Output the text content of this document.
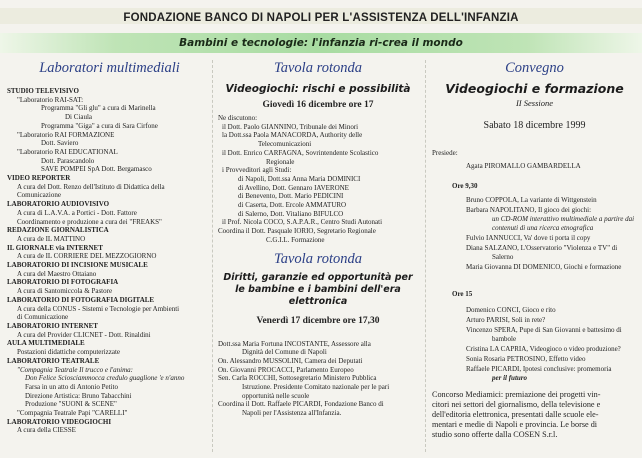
FONDAZIONE BANCO DI NAPOLI PER L'ASSISTENZA DELL'INFANZIA
Bambini e tecnologie: l'infanzia ri-crea il mondo
Laboratori multimediali
STUDIO TELEVISIVO
"Laboratorio RAI-SAT:
Programma "Gli glu" a cura di Marinella
Di Ciaula
Programma "Giga" a cura di Sara Cirfone
"Laboratorio RAI FORMAZIONE
Dott. Saviero
"Laboratorio RAI EDUCATIONAL
Dott. Parascandolo
SAVE POMPEI SpA Dott. Bergamasco
VIDEO REPORTER
A cura del Dott. Renzo dell'Istituto di Didattica della
Comunicazione
LABORATORIO AUDIOVISIVO
A cura di L.A.V.A. a Portici - Dott. Fattore
Coordinamento e produzione a cura dei "FREAKS"
REDAZIONE GIORNALISTICA
A cura de IL MATTINO
IL GIORNALE via INTERNET
A cura de IL CORRIERE DEL MEZZOGIORNO
LABORATORIO DI INCISIONE MUSICALE
A cura del Maestro Ottaiano
LABORATORIO DI FOTOGRAFIA
A cura di Santomiccola & Pastore
LABORATORIO DI FOTOGRAFIA DIGITALE
A cura della CONUS - Sistemi e Tecnologie per Ambienti
di Comunicazione
LABORATORIO INTERNET
A cura del Provider CLICNET - Dott. Rinaldini
AULA MULTIMEDIALE
Postazioni didattiche computerizzate
LABORATORIO TEATRALE
"Compagnia Teatrale Il trucco e l'anima:
Don Felice Sciosciammocca credulo guaglione 'e n'anno
Farsa in un atto di Antonio Petito
Direzione Artistica: Bruno Tabacchini
Produzione "SUONI & SCENE"
"Compagnia Teatrale Papi "CARELLI"
LABORATORIO VIDEOGIOCHI
A cura della CIESSE
Tavola rotonda
Videogiochi: rischi e possibilità
Giovedì 16 dicembre ore 17
Ne discutono:
il Dott. Paolo GIANNINO, Tribunale dei Minori
la Dott.ssa Paola MANACORDA, Authority delle
Telecomunicazioni
il Dott. Enrico CARFAGNA, Sovrintendente Scolastico
Regionale
i Provveditori agli Studi:
di Napoli, Dott.ssa Anna Maria DOMINICI
di Avellino, Dott. Gennaro IAVERONE
di Benevento, Dott. Mario PEDICINI
di Caserta, Dott. Ercole AMMATURO
di Salerno, Dott. Vitaliano BIFULCO
il Prof. Nicola COCO, S.A.P.A.R., Centro Studi Autonati
Coordina il Dott. Pasquale IORIO, Segretario Regionale
C.G.I.L. Formazione
Tavola rotonda
Diritti, garanzie ed opportunità per le bambine e i bambini dell'era elettronica
Venerdì 17 dicembre ore 17,30
Dott.ssa Maria Fortuna INCOSTANTE, Assessore alla
Dignità del Comune di Napoli
On. Alessandro MUSSOLINI, Camera dei Deputati
On. Giovanni PROCACCI, Parlamento Europeo
Sen. Carla ROCCHI, Sottosegretario Ministero Pubblica
Istruzione. Presidente Comitato nazionale per le pari
opportunità nelle scuole
Coordina il Dott. Raffaele PICARDI, Fondazione Banco di
Napoli per l'Assistenza all'Infanzia.
Convegno
Videogiochi e formazione
II Sessione
Sabato 18 dicembre 1999
Presiede:
Agata PIROMALLO GAMBARDELLA
Ore 9,30
Bruno COPPOLA, La variante di Wittgenstein
Barbara NAPOLITANO, Il gioco dei giochi:
un CD-ROM interattivo multimediale a partire dai
contenuti di una ricerca etnografica
Fulvio IANNUCCI, Va' dove ti porta il copy
Diana SALZANO, L'Osservatorio "Violenza e TV" di
Salerno
Maria Giovanna DI DOMENICO, Giochi e formazione
Ore 15
Domenico CONCI, Gioco e rito
Arturo PARISI, Soli in rete?
Vincenzo SPERA, Pupe di San Giovanni e battesimo di
bambole
Cristina LA CAPRIA, Videogioco o video produzione?
Sonia Rosaria PETROSINO, Effetto video
Raffaele PICARDI, Ipotesi conclusive: promemoria
per il futuro
Concorso Mediamici: premiazione dei progetti vin-
citori nei settori del giornalismo, della televisione e
dell'editoria elettronica, presentati dalle scuole ele-
mentari e medie di Napoli e provincia. Le borse di
studio sono offerte dalla COSEN S.r.l.
